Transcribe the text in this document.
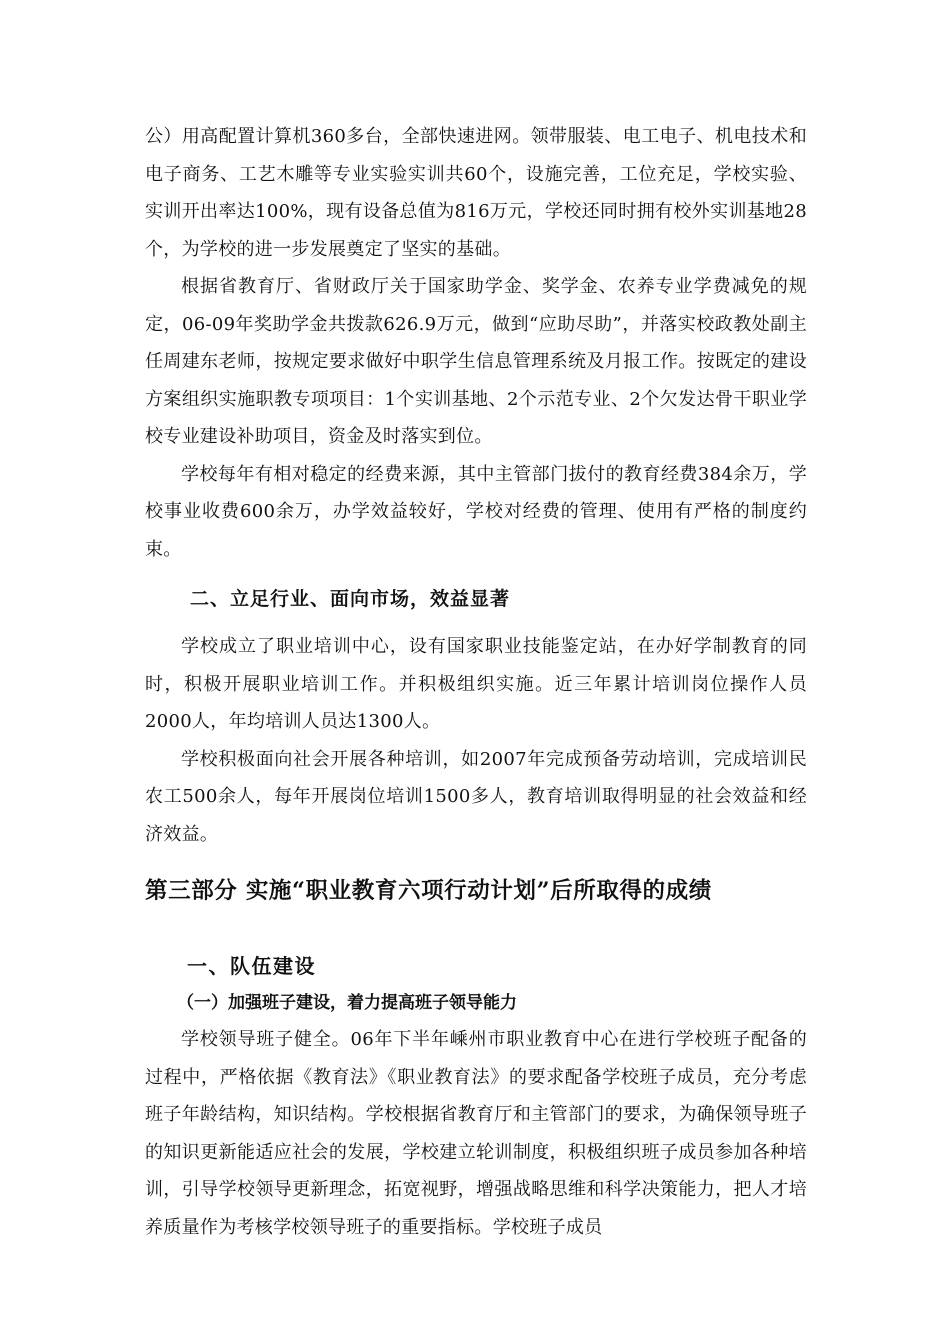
公）用高配置计算机360多台，全部快速进网。领带服装、电工电子、机电技术和电子商务、工艺木雕等专业实验实训共60个，设施完善，工位充足，学校实验、实训开出率达100%，现有设备总值为816万元，学校还同时拥有校外实训基地28个，为学校的进一步发展奠定了坚实的基础。

根据省教育厅、省财政厅关于国家助学金、奖学金、农养专业学费减免的规定，06-09年奖助学金共拨款626.9万元，做到“应助尽助”，并落实校政教处副主任周建东老师，按规定要求做好中职学生信息管理系统及月报工作。按既定的建设方案组织实施职教专项项目：1个实训基地、2个示范专业、2个欠发达骨干职业学校专业建设补助项目，资金及时落实到位。

学校每年有相对稳定的经费来源，其中主管部门拔付的教育经费384余万，学校事业收费600余万，办学效益较好，学校对经费的管理、使用有严格的制度约束。

二、立足行业、面向市场，效益显著

学校成立了职业培训中心，设有国家职业技能鉴定站，在办好学制教育的同时，积极开展职业培训工作。并积极组织实施。近三年累计培训岗位操作人员2000人，年均培训人员达1300人。

学校积极面向社会开展各种培训，如2007年完成预备劳动培训，完成培训民农工500余人，每年开展岗位培训1500多人，教育培训取得明显的社会效益和经济效益。

第三部分 实施“职业教育六项行动计划”后所取得的成绩
一、队伍建设
（一）加强班子建设，着力提高班子领导能力

学校领导班子健全。06年下半年嵊州市职业教育中心在进行学校班子配备的过程中，严格依据《教育法》《职业教育法》的要求配备学校班子成员，充分考虑班子年龄结构，知识结构。学校根据省教育厅和主管部门的要求，为确保领导班子的知识更新能适应社会的发展，学校建立轮训制度，积极组织班子成员参加各种培训，引导学校领导更新理念，拓宽视野，增强战略思维和科学决策能力，把人才培养质量作为考核学校领导班子的重要指标。学校班子成员
